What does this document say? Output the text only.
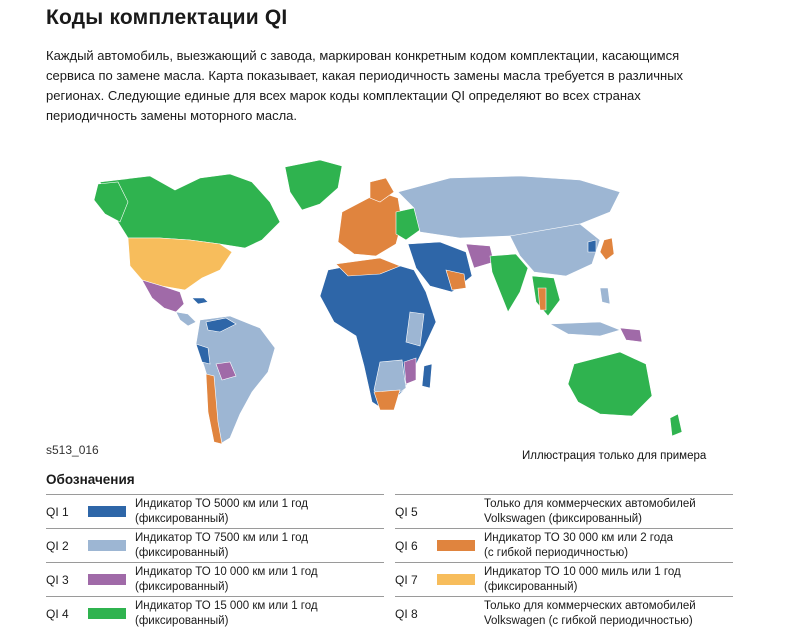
Коды комплектации QI
Каждый автомобиль, выезжающий с завода, маркирован конкретным кодом комплектации, касающимся сервиса по замене масла. Карта показывает, какая периодичность замены масла требуется в различных регионах. Следующие единые для всех марок коды комплектации QI определяют во всех странах периодичность замены моторного масла.
s513_016	Иллюстрация только для примера
Обозначения
QI 1
Индикатор ТО 5000 км или 1 год
(фиксированный)
QI 2
Индикатор ТО 7500 км или 1 год
(фиксированный)
QI 3
Индикатор ТО 10 000 км или 1 год
(фиксированный)
QI 4
Индикатор ТО 15 000 км или 1 год
(фиксированный)
QI 5
Только для коммерческих автомобилей
Volkswagen (фиксированный)
QI 6
Индикатор ТО 30 000 км или 2 года
(с гибкой периодичностью)
QI 7
Индикатор ТО 10 000 миль или 1 год
(фиксированный)
QI 8
Только для коммерческих автомобилей
Volkswagen (с гибкой периодичностью)
